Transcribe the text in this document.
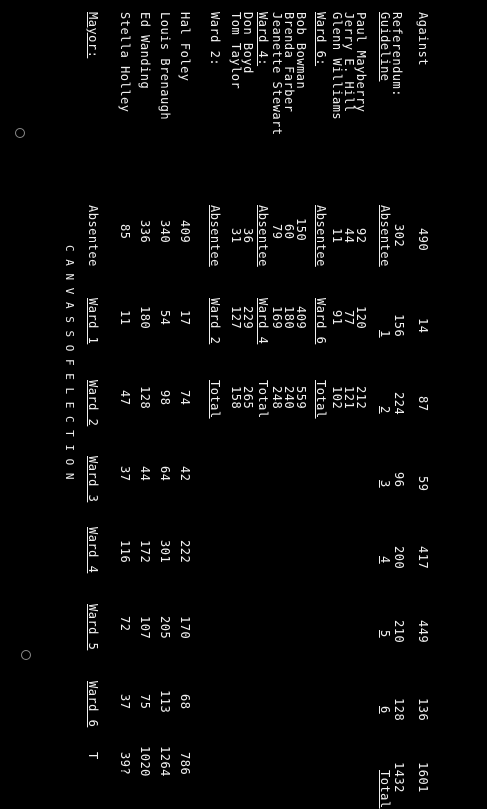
C A N V A S S O F E L E C T I O N
Mayor:
Absentee
Ward 1
Ward 2
Ward 3
Ward 4
Ward 5
Ward 6
T
Stella Holley
85
11
47
37
116
72
37
39?
Ed Wanding
336
180
128
44
172
107
75
1020
Louis Brenaugh
340
54
98
64
301
205
113
1264
Hal Foley
409
17
74
42
222
170
68
786
Ward 2:
Absentee
Ward 2
Total
Tom Taylor
31
127
158
Don Boyd
36
229
265
Ward 4:
Absentee
Ward 4
Total
Jeanette Stewart
79
169
248
Brenda Farber
60
180
240
Bob Bowman
150
409
559
Ward 6:
Absentee
Ward 6
Total
Glenn Williams
11
91
102
Jerry E. Hill
44
77
121
Paul Mayberry
92
120
212
Guideline
Referendum:
Absentee
1
2
3
4
5
6
Total
302
156
224
96
200
210
128
1432
Against
490
14
87
59
417
449
136
1601
